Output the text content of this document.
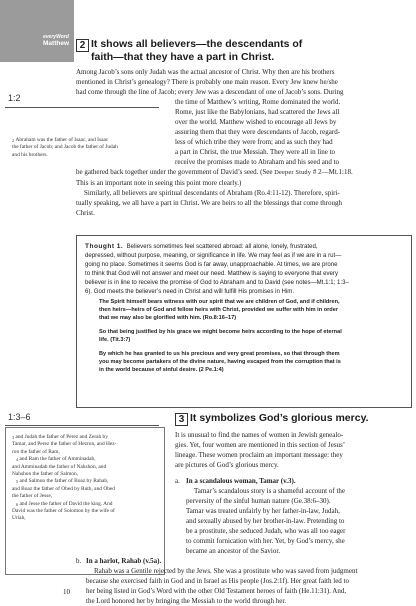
everyWord
Matthew	2 It shows all believers—the descendants of
faith—that they have a part in Christ.

Among Jacob’s sons only Judah was the actual ancestor of Christ. Why then are his brothers

mentioned in Christ’s genealogy? There is probably one main reason. Every Jew knew he/she

had come through the line of Jacob; every Jew was a descendant of one of Jacob’s sons. During

1:2

$^2$ Abraham was the father of Isaac, and Isaac

the father of Jacob; and Jacob the father of Judah

and his brothers.

the time of Matthew’s writing, Rome dominated the world.

Rome, just like the Babylonians, had scattered the Jews all

over the world. Matthew wished to encourage all Jews by

assuring them that they were descendants of Jacob, regard-

less of which tribe they were from; and as such they had

a part in Christ, the true Messiah. They were all in line to

receive the promises made to Abraham and his seed and to

be gathered back together under the government of David’s seed. (See Deeper Study # 2—Mt.1:18.

This is an important note in seeing this point more clearly.)

Similarly, all believers are spiritual descendants of Abraham (Ro.4:11-12). Therefore, spiri-

tually speaking, we all have a part in Christ. We are heirs to all the blessings that come through

Christ.

Thought 1. Believers sometimes feel scattered abroad: all alone, lonely, frustrated,

depressed, without purpose, meaning, or significance in life. We may feel as if we are in a rut—

going no place. Sometimes it seems God is far away, unapproachable. At times, we are prone

to think that God will not answer and meet our need. Matthew is saying to everyone that every

believer is in line to receive the promise of God to Abraham and to David (see notes—Mt.1:1; 1:3–

6). God meets the believer’s need in Christ and will fulfill His promises in Him.

The Spirit himself bears witness with our spirit that we are children of God, and if children,

then heirs—heirs of God and fellow heirs with Christ, provided we suffer with him in order

that we may also be glorified with him. (Ro.8:16–17)

So that being justified by his grace we might become heirs according to the hope of eternal

life. (Tit.3:7)

By which he has granted to us his precious and very great promises, so that through them

you may become partakers of the divine nature, having escaped from the corruption that is

in the world because of sinful desire. (2 Pe.1:4)

1:3–6

$^3$ and Judah the father of Perez and Zerah by

Tamar, and Perez the father of Hezron, and Hez-

ron the father of Ram,

$^4$ and Ram the father of Amminadab,

and Amminadab the father of Nahshon, and

Nahshon the father of Salmon,

$^5$ and Salmon the father of Boaz by Rahab,

and Boaz the father of Obed by Ruth, and Obed

the father of Jesse,

$^6$ and Jesse the father of David the king. And

David was the father of Solomon by the wife of

Uriah,

3 It symbolizes God’s glorious mercy.

It is unusual to find the names of women in Jewish genealo-

gies. Yet, four women are mentioned in this section of Jesus’

lineage. These women proclaim an important message: they

are pictures of God’s glorious mercy.

a. In a scandalous woman, Tamar (v.3).

Tamar’s scandalous story is a shameful account of the

perversity of the sinful human nature (Ge.38:6–30).

Tamar was treated unfairly by her father-in-law, Judah,

and sexually abused by her brother-in-law. Pretending to

be a prostitute, she seduced Judah, who was all too eager

to commit fornication with her. Yet, by God’s mercy, she

became an ancestor of the Savior.

b. In a harlot, Rahab (v.5a).

Rahab was a Gentile rejected by the Jews. She was a prostitute who was saved from judgment

because she exercised faith in God and in Israel as His people (Jos.2:1f). Her great faith led to

her being listed in God’s Word with the other Old Testament heroes of faith (He.11:31). And,

the Lord honored her by bringing the Messiah to the world through her.

10
